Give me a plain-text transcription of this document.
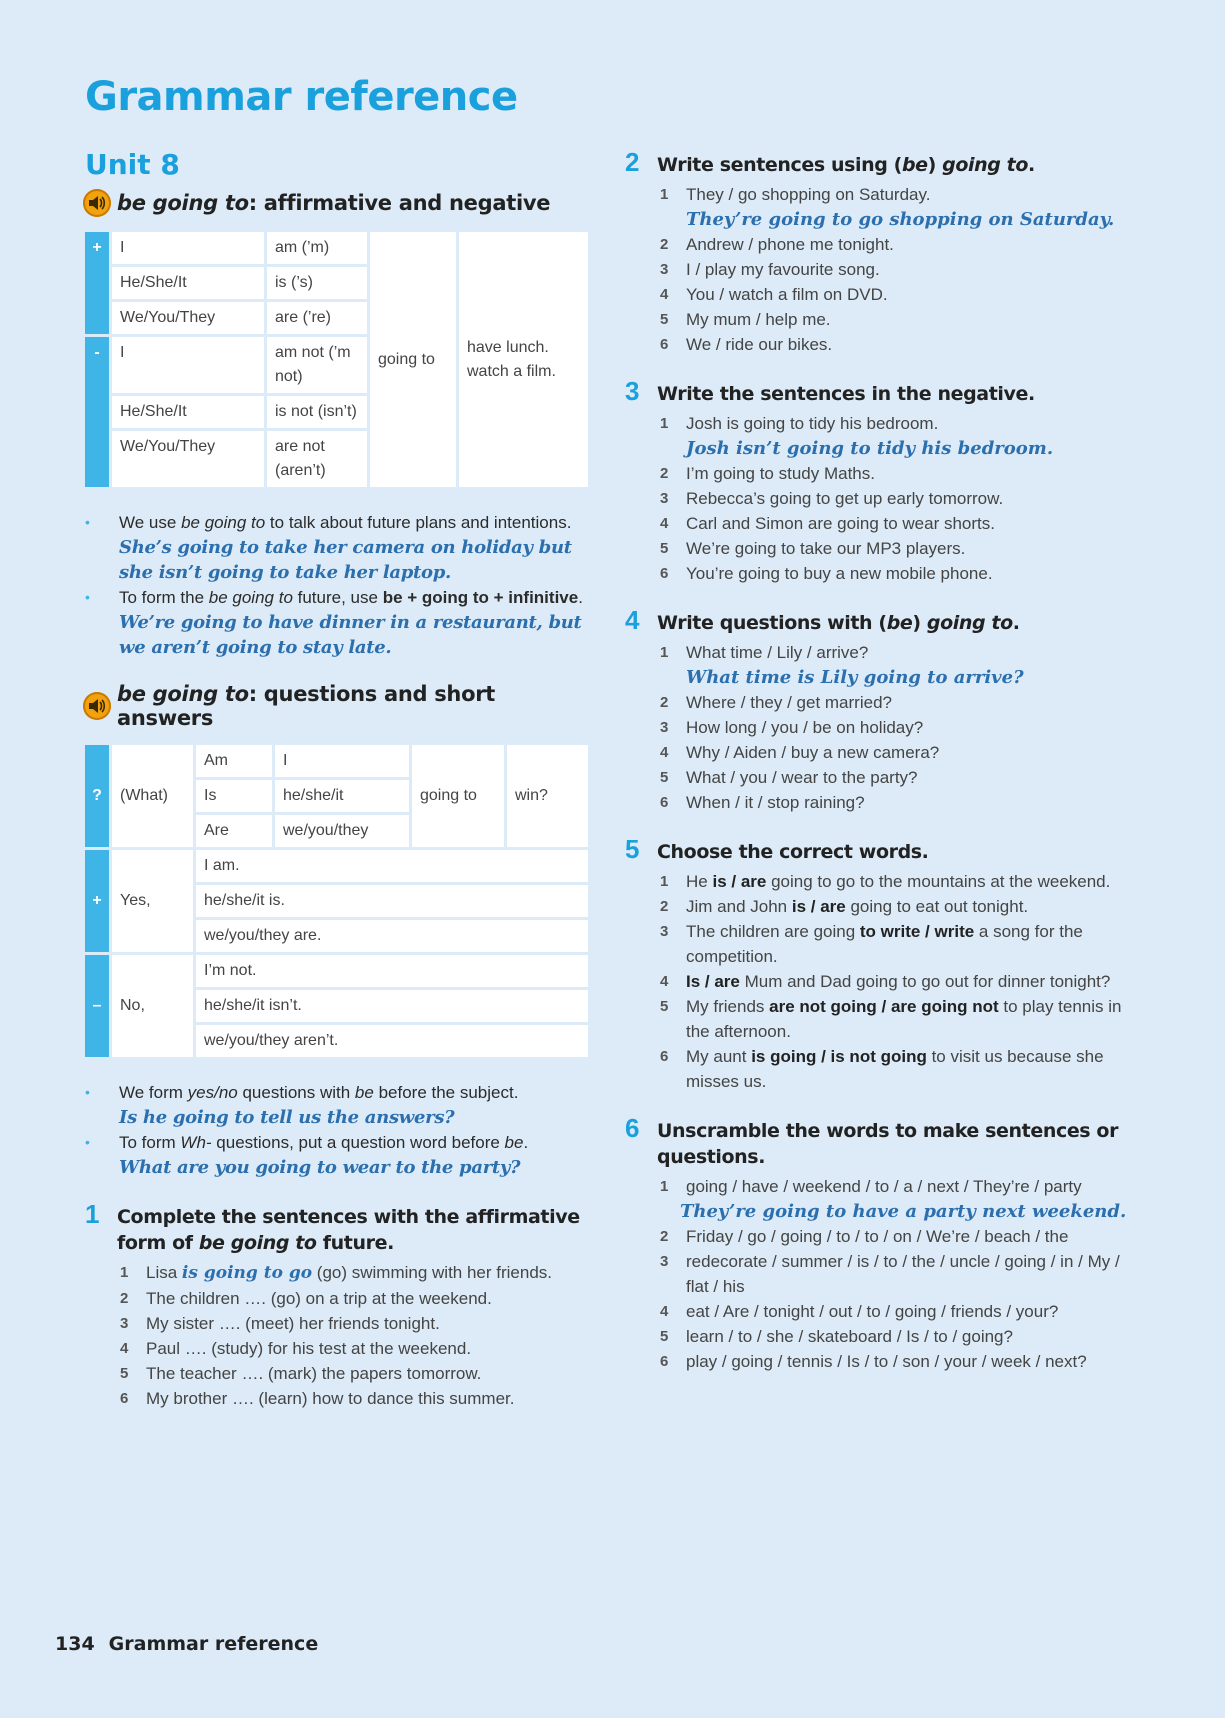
Grammar reference
Unit 8
be going to: affirmative and negative
+	I	am (’m)	going to	have lunch.
watch a film.

	He/She/It	is (’s)		
	We/You/They	are (’re)		
-	I	am not (’m not)		
	He/She/It	is not (isn’t)		
	We/You/They	are not (aren’t)		
• We use be going to to talk about future plans and intentions.
She’s going to take her camera on holiday but she isn’t going to take her laptop.
• To form the be going to future, use be + going to + infinitive.
We’re going to have dinner in a restaurant, but we aren’t going to stay late.
be going to: questions and short answers
?	(What)	Am	I	going to	win?
		Is	he/she/it		
		Are	we/you/they		
+	Yes,	I am.			
		he/she/it is.			
		we/you/they are.			
–	No,	I’m not.			
		he/she/it isn’t.			
		we/you/they aren’t.			
• We form yes/no questions with be before the subject.
Is he going to tell us the answers?
• To form Wh- questions, put a question word before be.
What are you going to wear to the party?
1 Complete the sentences with the affirmative form of be going to future.
1	Lisa is going to go (go) swimming with her friends.
2	The children …. (go) on a trip at the weekend.
3	My sister …. (meet) her friends tonight.
4	Paul …. (study) for his test at the weekend.
5	The teacher …. (mark) the papers tomorrow.
6	My brother …. (learn) how to dance this summer.
2 Write sentences using (be) going to.
1	They / go shopping on Saturday.
They’re going to go shopping on Saturday.
2	Andrew / phone me tonight.
3	I / play my favourite song.
4	You / watch a film on DVD.
5	My mum / help me.
6	We / ride our bikes.
3 Write the sentences in the negative.
1	Josh is going to tidy his bedroom.
Josh isn’t going to tidy his bedroom.
2	I’m going to study Maths.
3	Rebecca’s going to get up early tomorrow.
4	Carl and Simon are going to wear shorts.
5	We’re going to take our MP3 players.
6	You’re going to buy a new mobile phone.
4 Write questions with (be) going to.
1	What time / Lily / arrive?
What time is Lily going to arrive?
2	Where / they / get married?
3	How long / you / be on holiday?
4	Why / Aiden / buy a new camera?
5	What / you / wear to the party?
6	When / it / stop raining?
5 Choose the correct words.
1	He is / are going to go to the mountains at the weekend.
2	Jim and John is / are going to eat out tonight.
3	The children are going to write / write a song for the competition.
4	Is / are Mum and Dad going to go out for dinner tonight?
5	My friends are not going / are going not to play tennis in the afternoon.
6	My aunt is going / is not going to visit us because she misses us.
6 Unscramble the words to make sentences or questions.
1	going / have / weekend / to / a / next / They’re / party
They’re going to have a party next weekend.
2	Friday / go / going / to / to / on / We’re / beach / the
3	redecorate / summer / is / to / the / uncle / going / in / My / flat / his
4	eat / Are / tonight / out / to / going / friends / your?
5	learn / to / she / skateboard / Is / to / going?
6	play / going / tennis / Is / to / son / your / week / next?
134 Grammar reference
